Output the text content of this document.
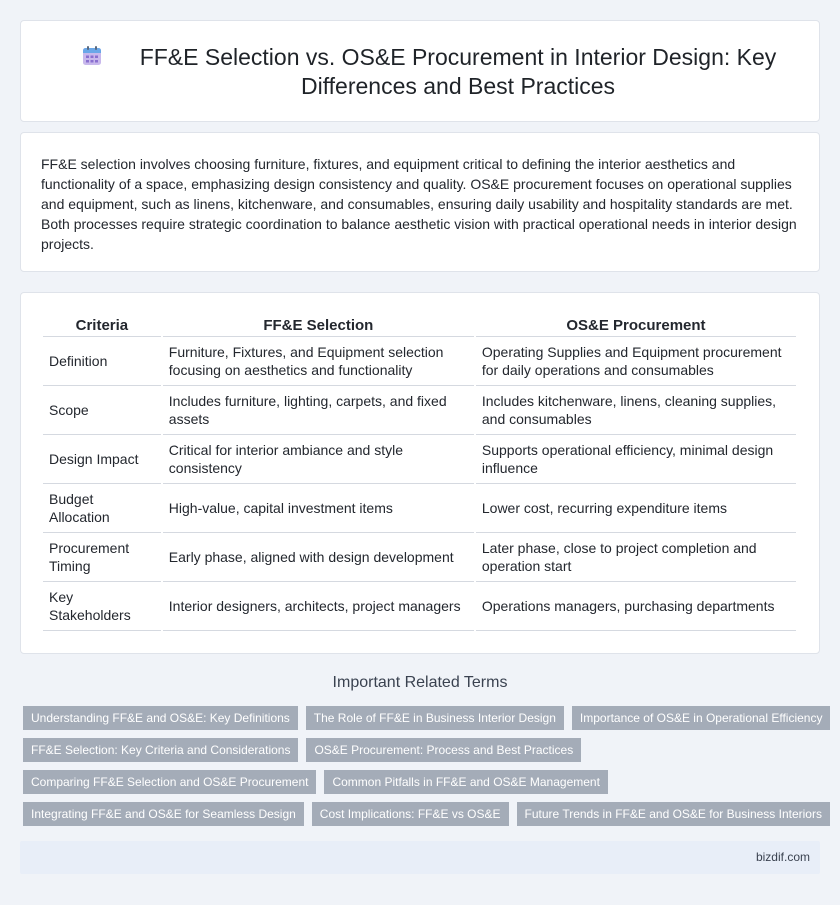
FF&E Selection vs. OS&E Procurement in Interior Design: Key Differences and Best Practices

FF&E selection involves choosing furniture, fixtures, and equipment critical to defining the interior aesthetics and functionality of a space, emphasizing design consistency and quality. OS&E procurement focuses on operational supplies and equipment, such as linens, kitchenware, and consumables, ensuring daily usability and hospitality standards are met. Both processes require strategic coordination to balance aesthetic vision with practical operational needs in interior design projects.

Criteria	FF&E Selection	OS&E Procurement
Definition	Furniture, Fixtures, and Equipment selection focusing on aesthetics and functionality	Operating Supplies and Equipment procurement for daily operations and consumables
Scope	Includes furniture, lighting, carpets, and fixed assets	Includes kitchenware, linens, cleaning supplies, and consumables
Design Impact	Critical for interior ambiance and style consistency	Supports operational efficiency, minimal design influence
Budget Allocation	High-value, capital investment items	Lower cost, recurring expenditure items
Procurement Timing	Early phase, aligned with design development	Later phase, close to project completion and operation start
Key Stakeholders	Interior designers, architects, project managers	Operations managers, purchasing departments
Important Related Terms
Understanding FF&E and OS&E: Key Definitions	The Role of FF&E in Business Interior Design	Importance of OS&E in Operational Efficiency
FF&E Selection: Key Criteria and Considerations	OS&E Procurement: Process and Best Practices
Comparing FF&E Selection and OS&E Procurement	Common Pitfalls in FF&E and OS&E Management
Integrating FF&E and OS&E for Seamless Design	Cost Implications: FF&E vs OS&E	Future Trends in FF&E and OS&E for Business Interiors
bizdif.com
